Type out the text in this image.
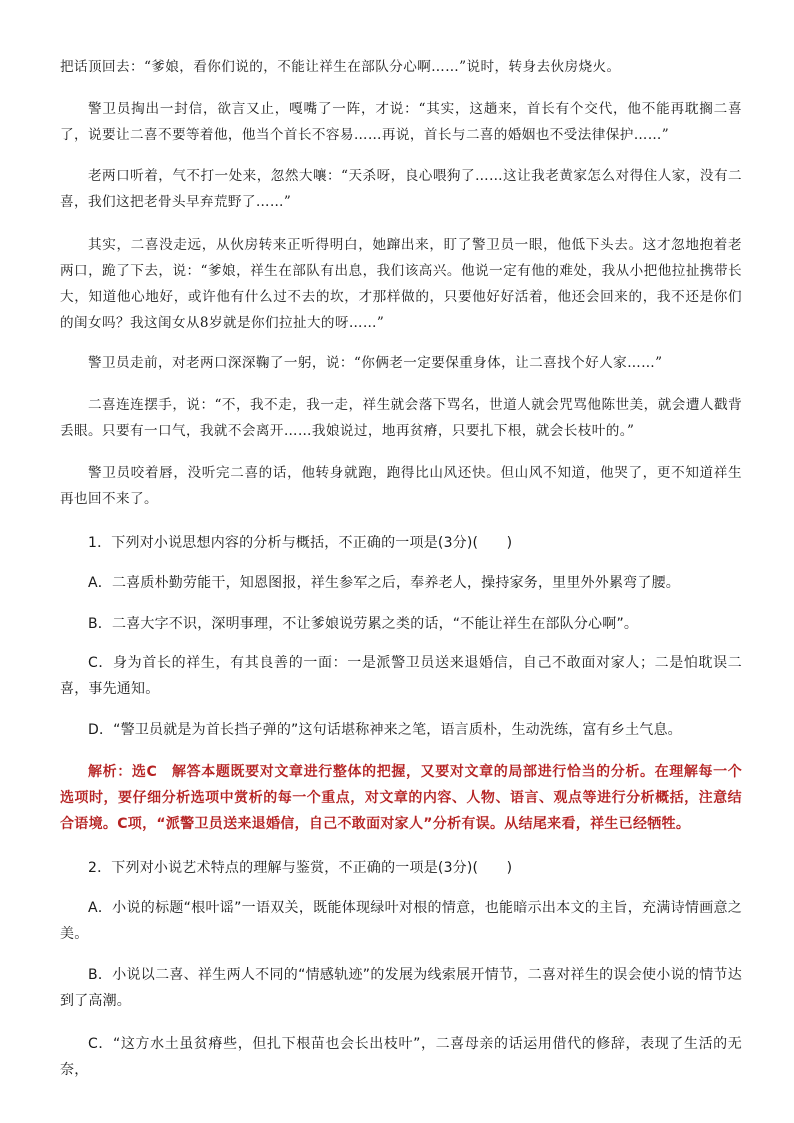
把话顶回去：“爹娘，看你们说的，不能让祥生在部队分心啊……”说时，转身去伙房烧火。

警卫员掏出一封信，欲言又止，嘎嘴了一阵，才说：“其实，这趟来，首长有个交代，他不能再耽搁二喜了，说要让二喜不要等着他，他当个首长不容易……再说，首长与二喜的婚姻也不受法律保护……”

老两口听着，气不打一处来，忽然大嚷：“天杀呀，良心喂狗了……这让我老黄家怎么对得住人家，没有二喜，我们这把老骨头早弃荒野了……”

其实，二喜没走远，从伙房转来正听得明白，她蹿出来，盯了警卫员一眼，他低下头去。这才忽地抱着老两口，跪了下去，说：“爹娘，祥生在部队有出息，我们该高兴。他说一定有他的难处，我从小把他拉扯携带长大，知道他心地好，或许他有什么过不去的坎，才那样做的，只要他好好活着，他还会回来的，我不还是你们的闺女吗？我这闺女从8岁就是你们拉扯大的呀……”

警卫员走前，对老两口深深鞠了一躬，说：“你俩老一定要保重身体，让二喜找个好人家……”

二喜连连摆手，说：“不，我不走，我一走，祥生就会落下骂名，世道人就会咒骂他陈世美，就会遭人戳背丢眼。只要有一口气，我就不会离开……我娘说过，地再贫瘠，只要扎下根，就会长枝叶的。”

警卫员咬着唇，没听完二喜的话，他转身就跑，跑得比山风还快。但山风不知道，他哭了，更不知道祥生再也回不来了。

1．下列对小说思想内容的分析与概括，不正确的一项是(3分)(　　)

A．二喜质朴勤劳能干，知恩图报，祥生参军之后，奉养老人，操持家务，里里外外累弯了腰。

B．二喜大字不识，深明事理，不让爹娘说劳累之类的话，“不能让祥生在部队分心啊”。

C．身为首长的祥生，有其良善的一面：一是派警卫员送来退婚信，自己不敢面对家人；二是怕耽误二喜，事先通知。

D．“警卫员就是为首长挡子弹的”这句话堪称神来之笔，语言质朴，生动洗练，富有乡土气息。

解析：选C　解答本题既要对文章进行整体的把握，又要对文章的局部进行恰当的分析。在理解每一个选项时，要仔细分析选项中赏析的每一个重点，对文章的内容、人物、语言、观点等进行分析概括，注意结合语境。C项，“派警卫员送来退婚信，自己不敢面对家人”分析有误。从结尾来看，祥生已经牺牲。

2．下列对小说艺术特点的理解与鉴赏，不正确的一项是(3分)(　　)

A．小说的标题“根叶谣”一语双关，既能体现绿叶对根的情意，也能暗示出本文的主旨，充满诗情画意之美。

B．小说以二喜、祥生两人不同的“情感轨迹”的发展为线索展开情节，二喜对祥生的误会使小说的情节达到了高潮。

C．“这方水土虽贫瘠些，但扎下根苗也会长出枝叶”，二喜母亲的话运用借代的修辞，表现了生活的无奈，
